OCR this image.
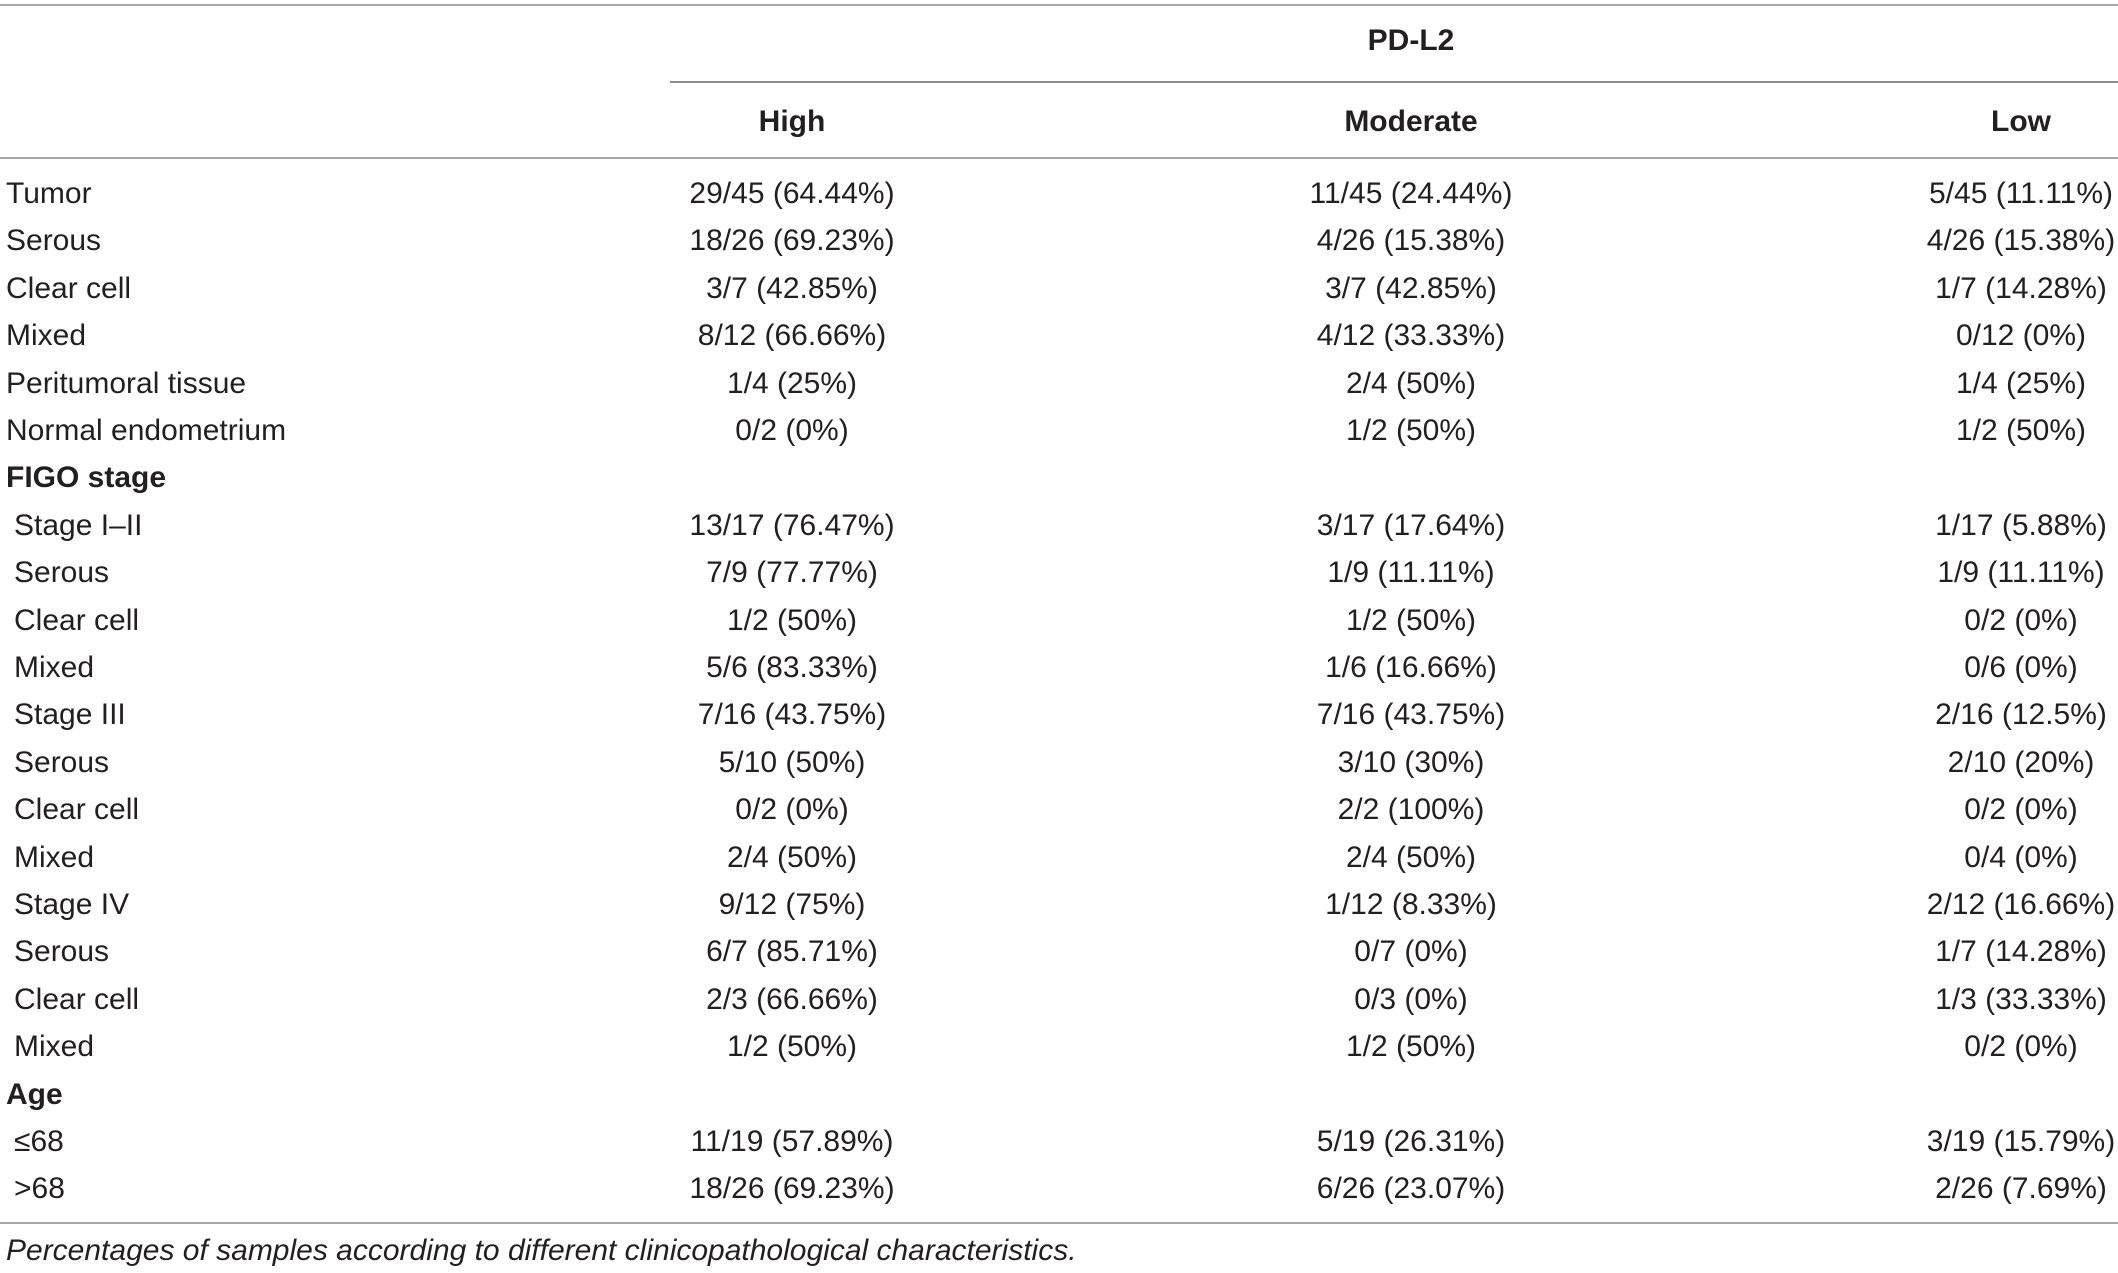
PD-L2
High	Moderate	Low
Tumor	29/45 (64.44%)	11/45 (24.44%)	5/45 (11.11%)
Serous	18/26 (69.23%)	4/26 (15.38%)	4/26 (15.38%)
Clear cell	3/7 (42.85%)	3/7 (42.85%)	1/7 (14.28%)
Mixed	8/12 (66.66%)	4/12 (33.33%)	0/12 (0%)
Peritumoral tissue	1/4 (25%)	2/4 (50%)	1/4 (25%)
Normal endometrium	0/2 (0%)	1/2 (50%)	1/2 (50%)
FIGO stage
Stage I–II	13/17 (76.47%)	3/17 (17.64%)	1/17 (5.88%)
Serous	7/9 (77.77%)	1/9 (11.11%)	1/9 (11.11%)
Clear cell	1/2 (50%)	1/2 (50%)	0/2 (0%)
Mixed	5/6 (83.33%)	1/6 (16.66%)	0/6 (0%)
Stage III	7/16 (43.75%)	7/16 (43.75%)	2/16 (12.5%)
Serous	5/10 (50%)	3/10 (30%)	2/10 (20%)
Clear cell	0/2 (0%)	2/2 (100%)	0/2 (0%)
Mixed	2/4 (50%)	2/4 (50%)	0/4 (0%)
Stage IV	9/12 (75%)	1/12 (8.33%)	2/12 (16.66%)
Serous	6/7 (85.71%)	0/7 (0%)	1/7 (14.28%)
Clear cell	2/3 (66.66%)	0/3 (0%)	1/3 (33.33%)
Mixed	1/2 (50%)	1/2 (50%)	0/2 (0%)
Age
≤68	11/19 (57.89%)	5/19 (26.31%)	3/19 (15.79%)
>68	18/26 (69.23%)	6/26 (23.07%)	2/26 (7.69%)
Percentages of samples according to different clinicopathological characteristics.
